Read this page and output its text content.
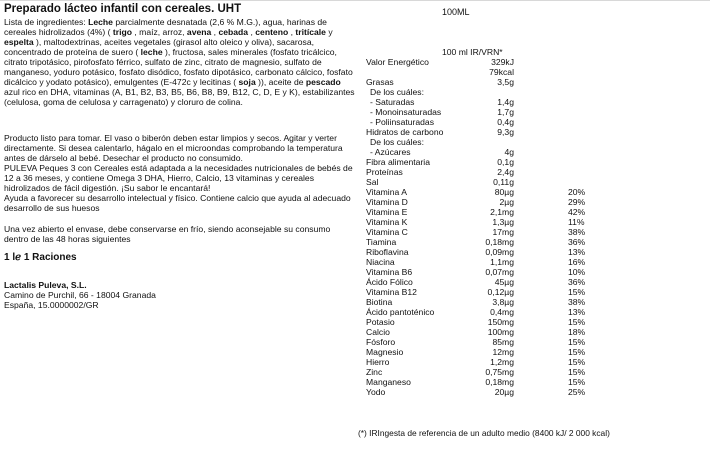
Preparado lácteo infantil con cereales. UHT	100ML

Lista de ingredientes: Leche parcialmente desnatada (2,6 % M.G.), agua, harinas de cereales hidrolizados (4%) ( trigo , maíz, arroz, avena , cebada , centeno , tritícale y espelta ), maltodextrinas, aceites vegetales (girasol alto oleico y oliva), sacarosa, concentrado de proteína de suero ( leche ), fructosa, sales minerales (fosfato tricálcico, citrato tripotásico, pirofosfato férrico, sulfato de zinc, citrato de magnesio, sulfato de manganeso, yoduro potásico, fosfato disódico, fosfato dipotásico, carbonato cálcico, fosfato dicálcico y yodato potásico), emulgentes (E-472c y lecitinas ( soja )), aceite de pescado azul rico en DHA, vitaminas (A, B1, B2, B3, B5, B6, B8, B9, B12, C, D, E y K), estabilizantes (celulosa, goma de celulosa y carragenato) y cloruro de colina.

Producto listo para tomar. El vaso o biberón deben estar limpios y secos. Agitar y verter directamente. Si desea calentarlo, hágalo en el microondas comprobando la temperatura antes de dárselo al bebé. Desechar el producto no consumido.

PULEVA Peques 3 con Cereales está adaptada a la necesidades nutricionales de bebés de 12 a 36 meses, y contiene Omega 3 DHA, Hierro, Calcio, 13 vitaminas y cereales hidrolizados de fácil digestión. ¡Su sabor le encantará!

Ayuda a favorecer su desarrollo intelectual y físico. Contiene calcio que ayuda al adecuado desarrollo de sus huesos

Una vez abierto el envase, debe conservarse en frío, siendo aconsejable su consumo dentro de las 48 horas siguientes

1 lℯ 1 Raciones

Lactalis Puleva, S.L.

Camino de Purchil, 66 - 18004 Granada

España, 15.0000002/GR

100 ml IR/VRN*
Valor Energético	329kJ
79kcal
Grasas	3,5g
De los cuáles:
- Saturadas	1,4g
- Monoinsaturadas	1,7g
- Poliinsaturadas	0,4g
Hidratos de carbono	9,3g
De los cuáles:
- Azúcares	4g
Fibra alimentaria	0,1g
Proteínas	2,4g
Sal	0,11g
Vitamina A	80µg	20%
Vitamina D	2µg	29%
Vitamina E	2,1mg	42%
Vitamina K	1,3µg	11%
Vitamina C	17mg	38%
Tiamina	0,18mg	36%
Riboflavina	0,09mg	13%
Niacina	1,1mg	16%
Vitamina B6	0,07mg	10%
Ácido Fólico	45µg	36%
Vitamina B12	0,12µg	15%
Biotina	3,8µg	38%
Ácido pantoténico	0,4mg	13%
Potasio	150mg	15%
Calcio	100mg	18%
Fósforo	85mg	15%
Magnesio	12mg	15%
Hierro	1,2mg	15%
Zinc	0,75mg	15%
Manganeso	0,18mg	15%
Yodo	20µg	25%
(*) IRIngesta de referencia de un adulto medio (8400 kJ/ 2 000 kcal)
